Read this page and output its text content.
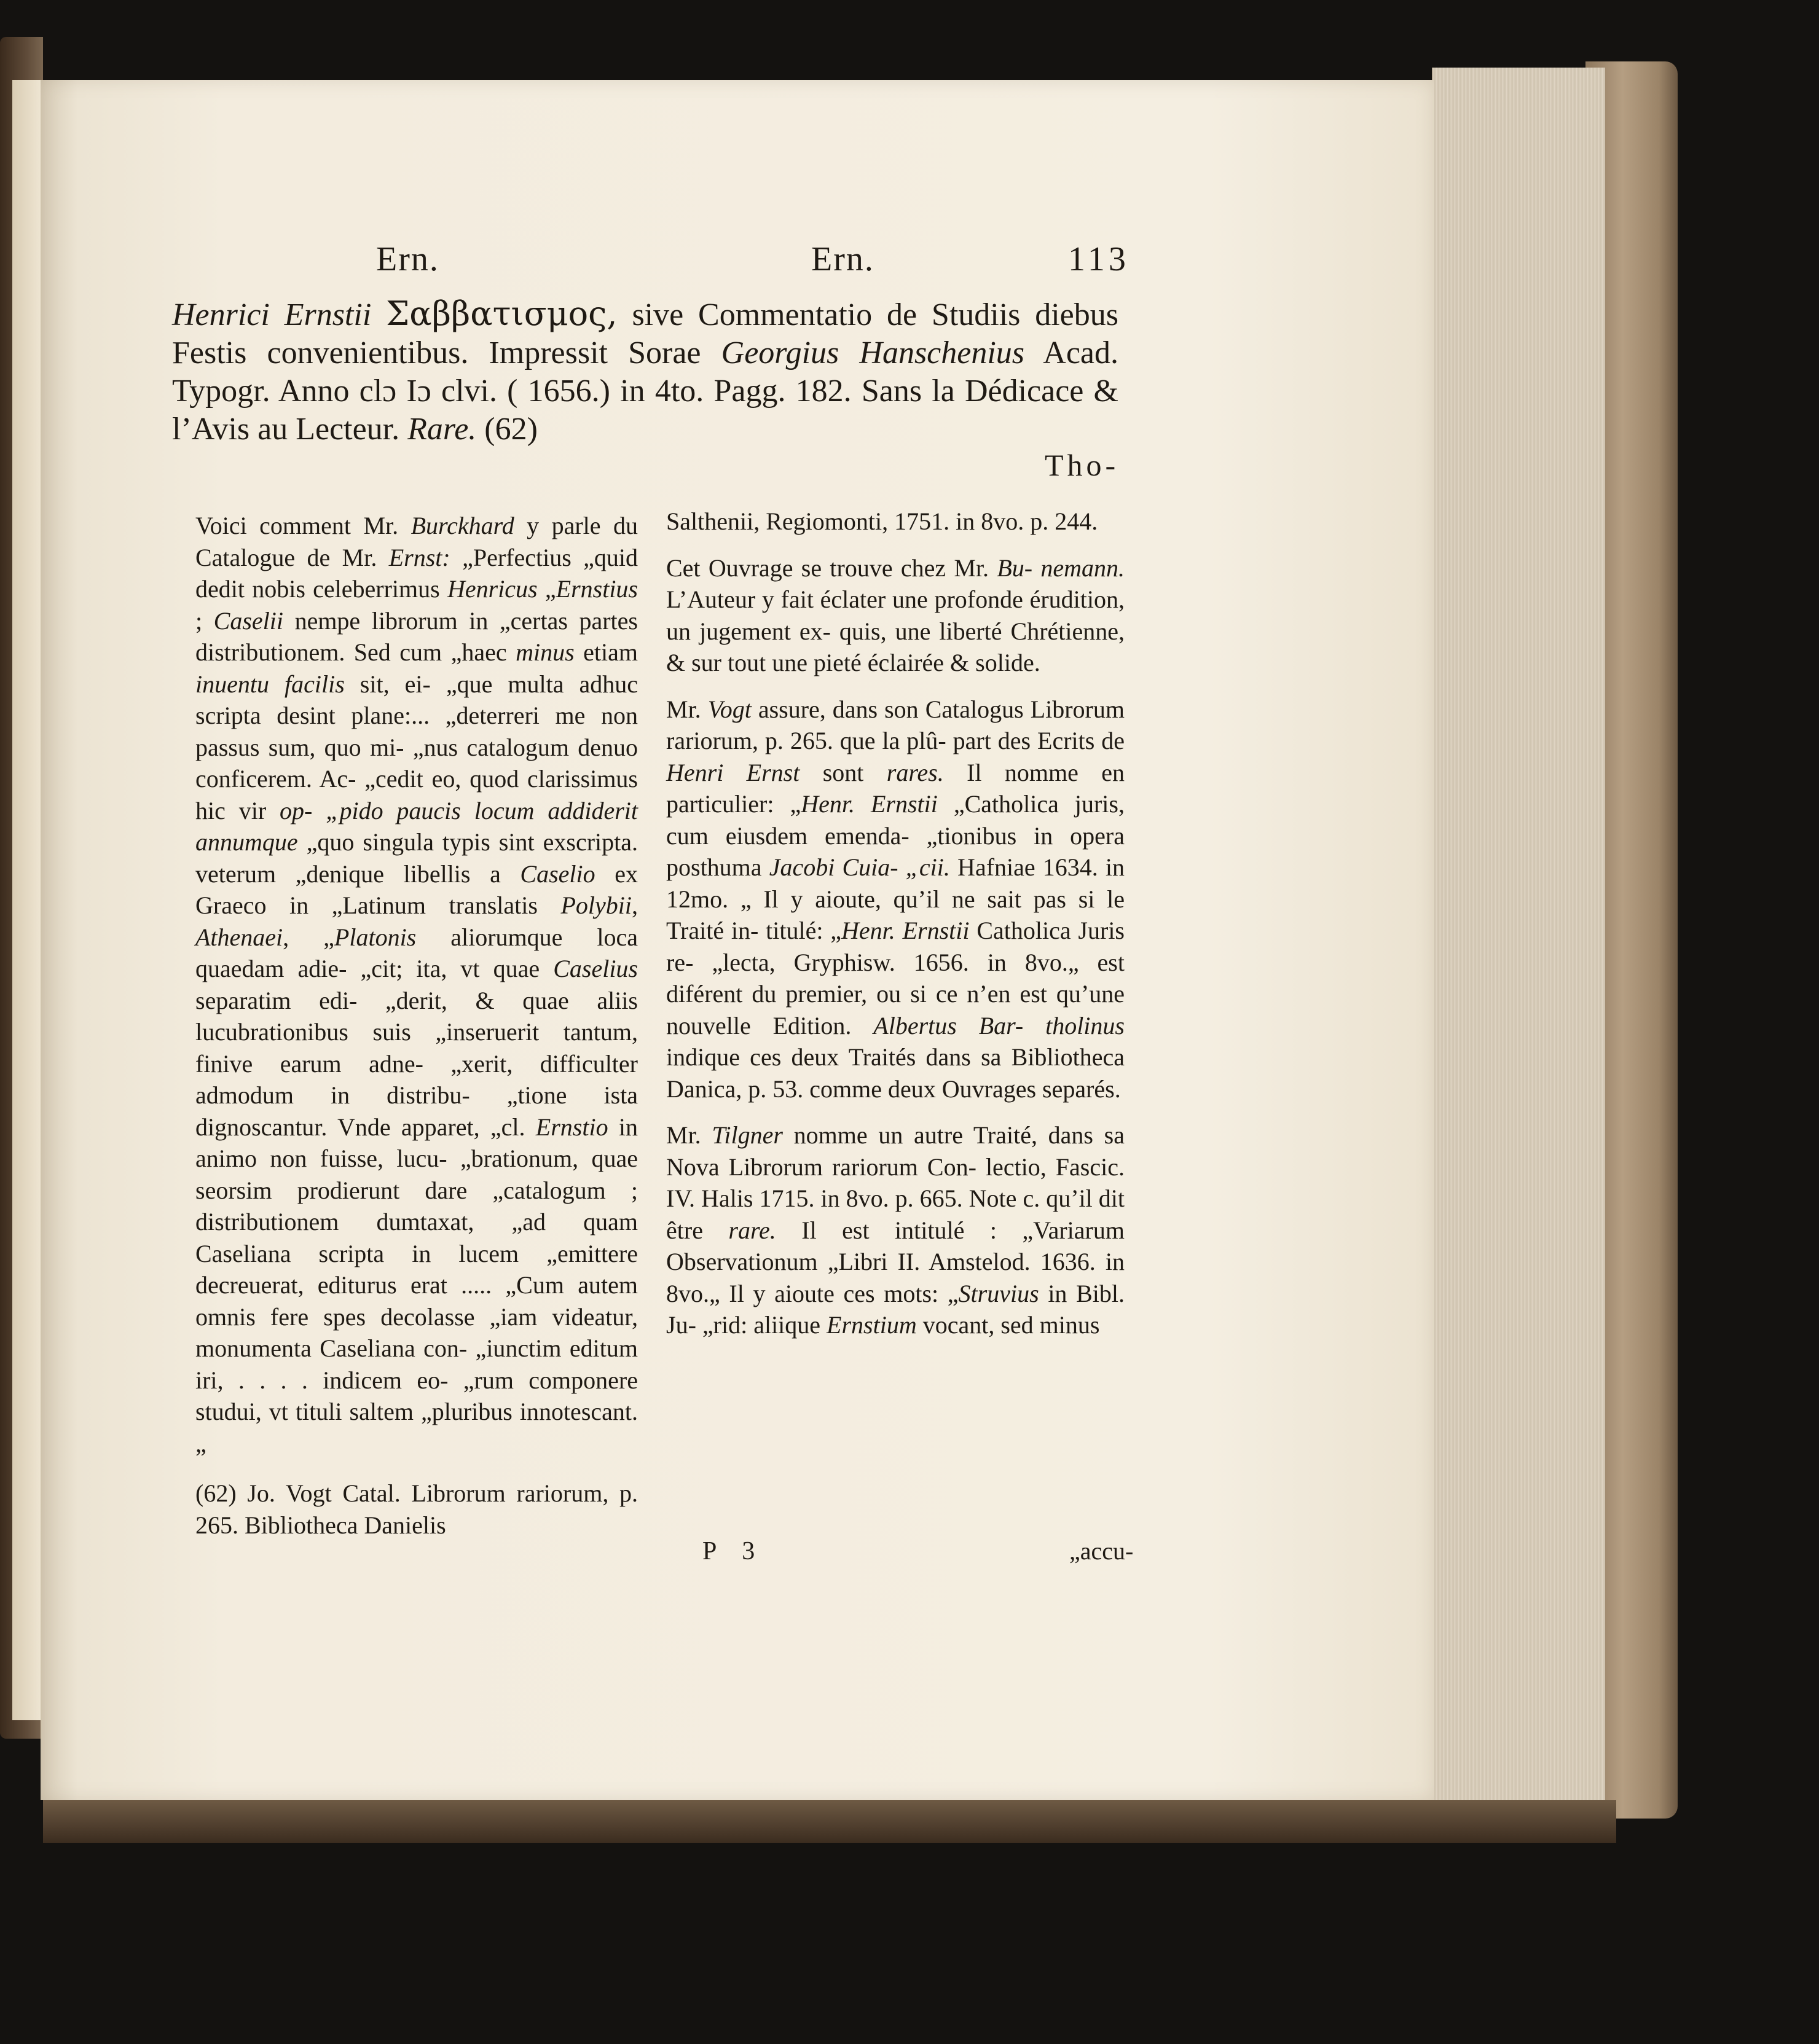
Ern.	Ern.	113
Henrici Ernstii Σαββατισμος, sive Commentatio de Studiis diebus Festis convenientibus. Impressit Sorae Georgius Hanschenius Acad. Typogr. Anno clɔ Iɔ clvi. ( 1656.) in 4to. Pagg. 182. Sans la Dédicace & l’Avis au Lecteur. Rare. (62)
Tho-

Voici comment Mr. Burckhard y parle du Catalogue de Mr. Ernst: „Perfectius „quid dedit nobis celeberrimus Henricus „Ernstius ; Caselii nempe librorum in „certas partes distributionem. Sed cum „haec minus etiam inuentu facilis sit, ei- „que multa adhuc scripta desint plane:... „deterreri me non passus sum, quo mi- „nus catalogum denuo conficerem. Ac- „cedit eo, quod clarissimus hic vir op- „pido paucis locum addiderit annumque „quo singula typis sint exscripta. veterum „denique libellis a Caselio ex Graeco in „Latinum translatis Polybii, Athenaei, „Platonis aliorumque loca quaedam adie- „cit; ita, vt quae Caselius separatim edi- „derit, & quae aliis lucubrationibus suis „inseruerit tantum, finive earum adne- „xerit, difficulter admodum in distribu- „tione ista dignoscantur. Vnde apparet, „cl. Ernstio in animo non fuisse, lucu- „brationum, quae seorsim prodierunt dare „catalogum ; distributionem dumtaxat, „ad quam Caseliana scripta in lucem „emittere decreuerat, editurus erat ..... „Cum autem omnis fere spes decolasse „iam videatur, monumenta Caseliana con- „iunctim editum iri, . . . . indicem eo- „rum componere studui, vt tituli saltem „pluribus innotescant. „

(62) Jo. Vogt Catal. Librorum rariorum, p. 265. Bibliotheca Danielis

Salthenii, Regiomonti, 1751. in 8vo. p. 244.

Cet Ouvrage se trouve chez Mr. Bu- nemann. L’Auteur y fait éclater une profonde érudition, un jugement ex- quis, une liberté Chrétienne, & sur tout une pieté éclairée & solide.

Mr. Vogt assure, dans son Catalogus Librorum rariorum, p. 265. que la plû- part des Ecrits de Henri Ernst sont rares. Il nomme en particulier: „Henr. Ernstii „Catholica juris, cum eiusdem emenda- „tionibus in opera posthuma Jacobi Cuia- „cii. Hafniae 1634. in 12mo. „ Il y aioute, qu’il ne sait pas si le Traité in- titulé: „Henr. Ernstii Catholica Juris re- „lecta, Gryphisw. 1656. in 8vo.„ est diférent du premier, ou si ce n’en est qu’une nouvelle Edition. Albertus Bar- tholinus indique ces deux Traités dans sa Bibliotheca Danica, p. 53. comme deux Ouvrages separés.

Mr. Tilgner nomme un autre Traité, dans sa Nova Librorum rariorum Con- lectio, Fascic. IV. Halis 1715. in 8vo. p. 665. Note c. qu’il dit être rare. Il est intitulé : „Variarum Observationum „Libri II. Amstelod. 1636. in 8vo.„ Il y aioute ces mots: „Struvius in Bibl. Ju- „rid: aliique Ernstium vocant, sed minus

P 3	„accu-
